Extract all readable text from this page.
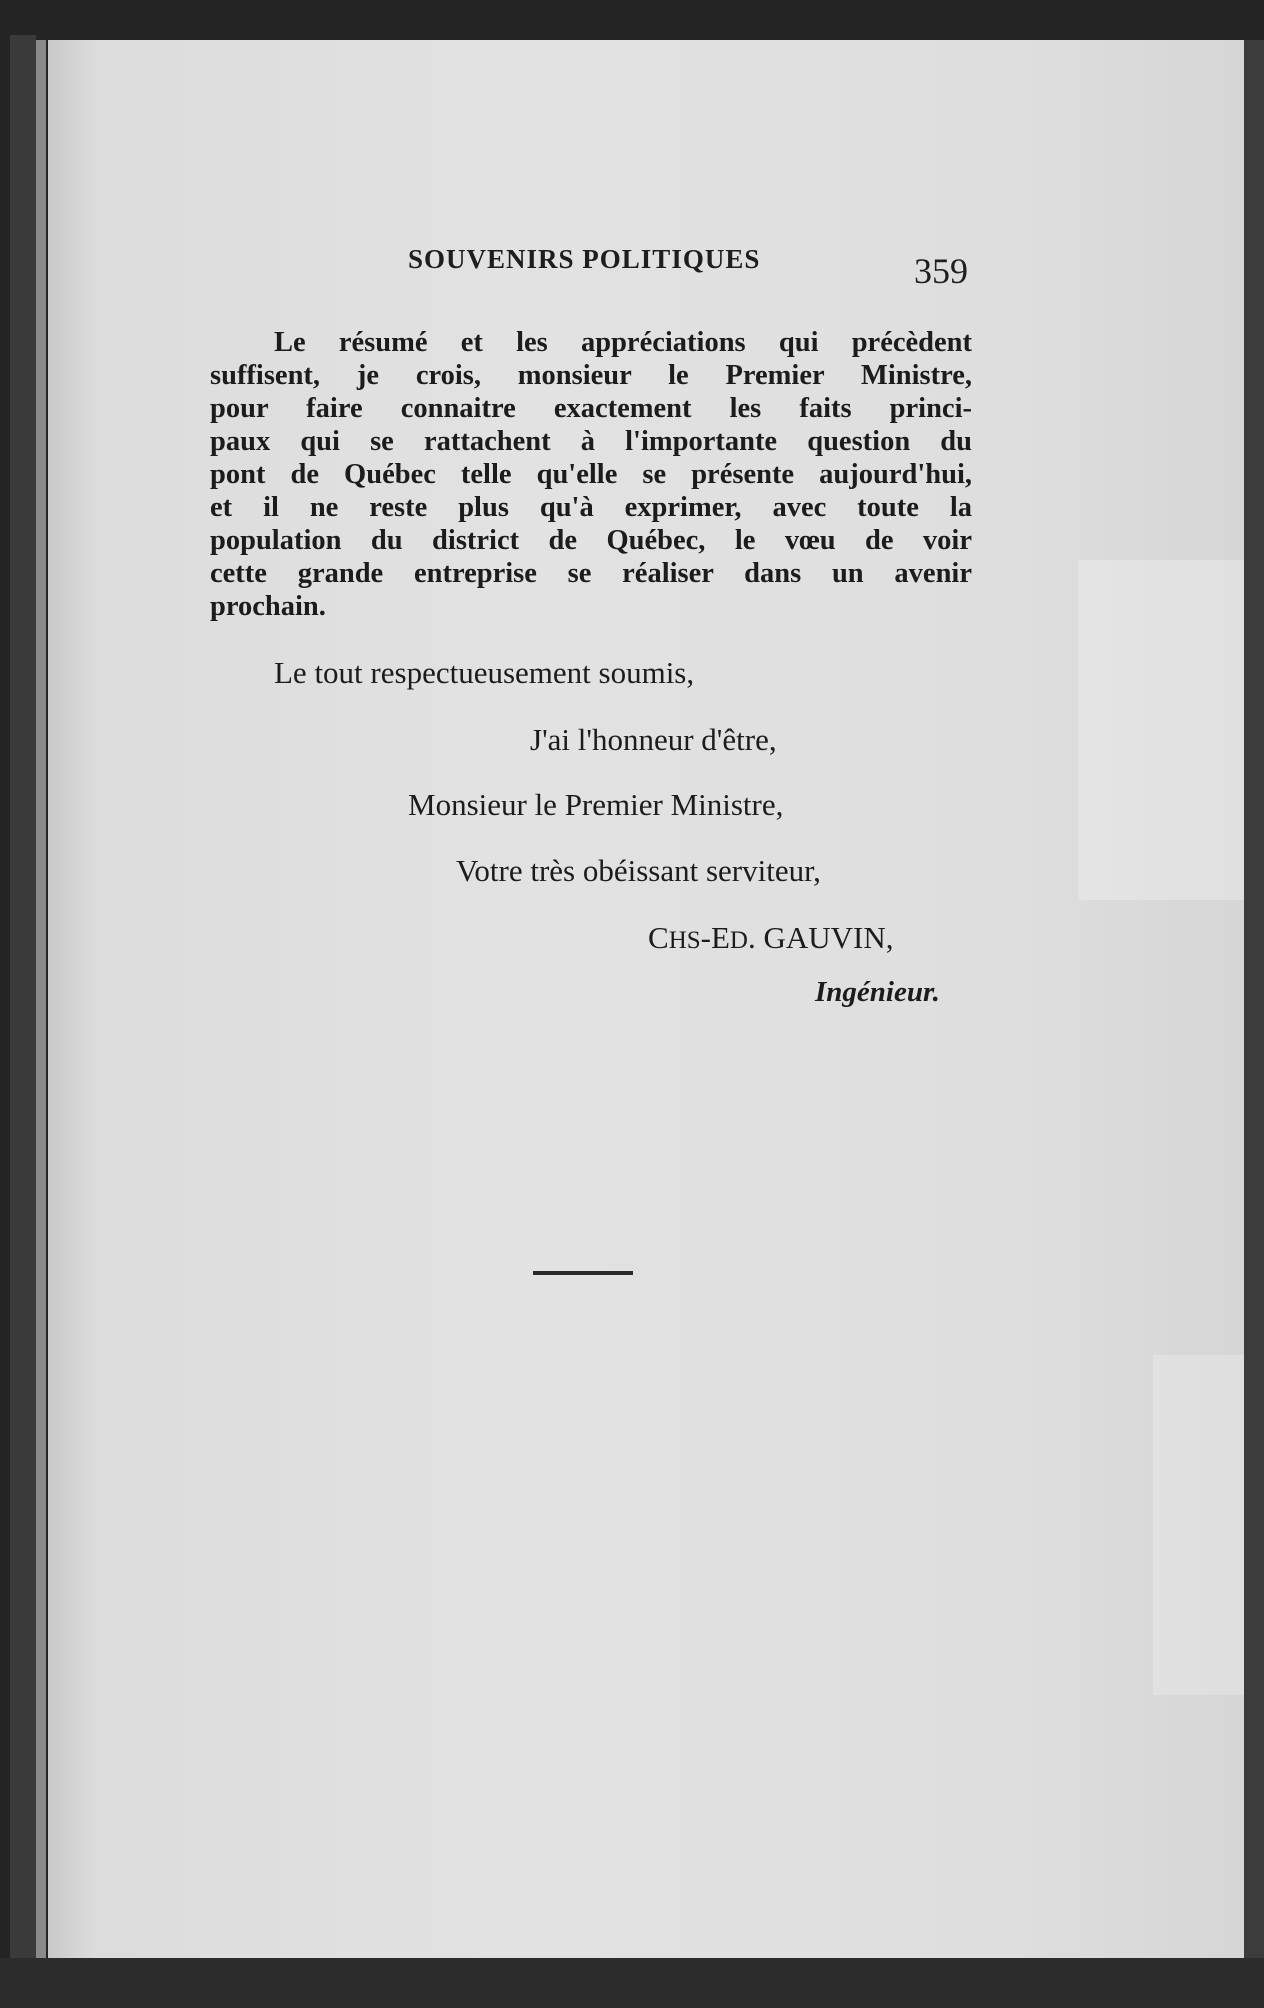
SOUVENIRS POLITIQUES	359
Le résumé et les appréciations qui précèdent
suffisent, je crois, monsieur le Premier Ministre,
pour faire connaitre exactement les faits princi-
paux qui se rattachent à l'importante question du
pont de Québec telle qu'elle se présente aujourd'hui,
et il ne reste plus qu'à exprimer, avec toute la
population du district de Québec, le vœu de voir
cette grande entreprise se réaliser dans un avenir
prochain.
Le tout respectueusement soumis,
J'ai l'honneur d'être,
Monsieur le Premier Ministre,
Votre très obéissant serviteur,
CHS-ED. GAUVIN,
Ingénieur.
